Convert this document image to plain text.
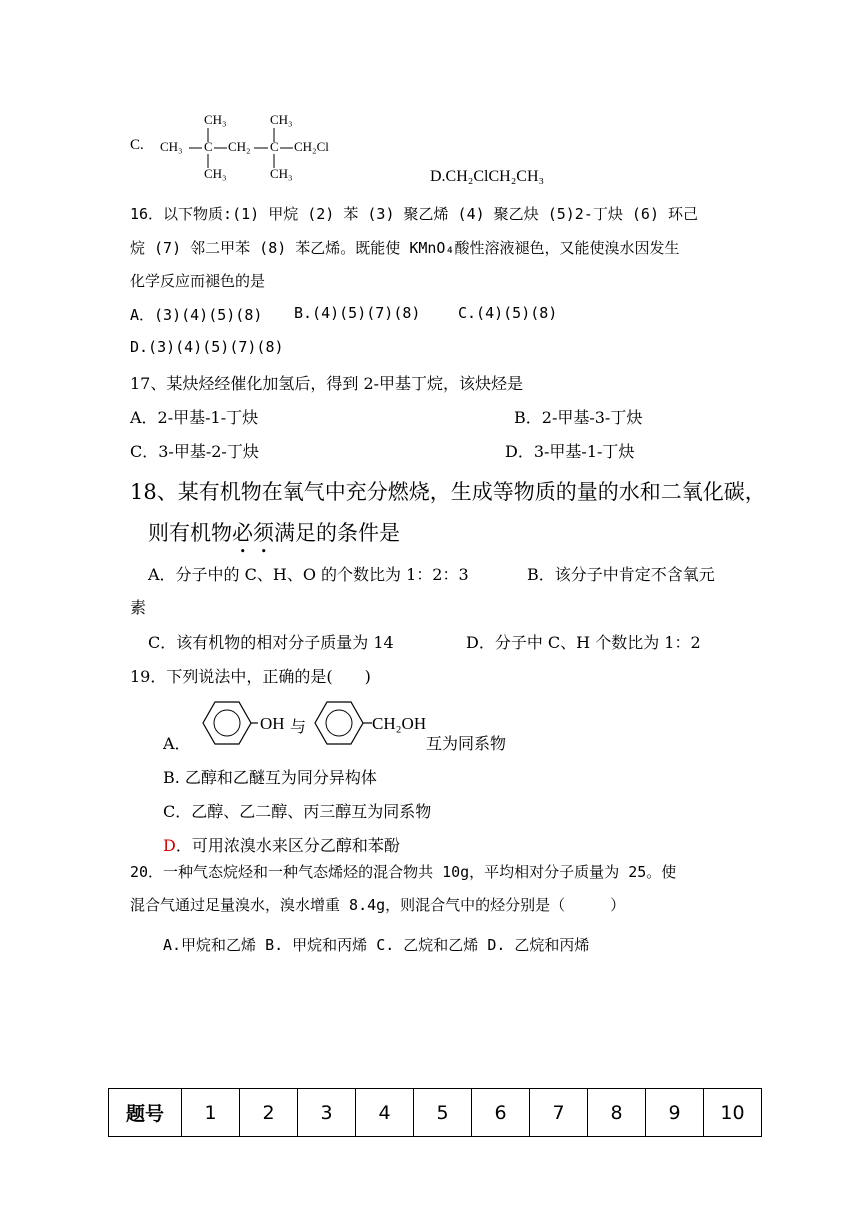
C.
CH₃	CH₃
CH₃ C CH₂ C CH₂Cl
CH₃	CH₃	D.CH₂ClCH₂CH₃
16．以下物质:(1) 甲烷 (2) 苯 (3) 聚乙烯 (4) 聚乙炔 (5)2-丁炔 (6) 环己
烷 (7) 邻二甲苯 (8) 苯乙烯。既能使 KMnO₄酸性溶液褪色，又能使溴水因发生
化学反应而褪色的是
A．(3)(4)(5)(8) B.(4)(5)(7)(8)	C.(4)(5)(8)
D.(3)(4)(5)(7)(8)
17、某炔烃经催化加氢后，得到 2-甲基丁烷，该炔烃是
A．2-甲基-1-丁炔	B．2-甲基-3-丁炔
C．3-甲基-2-丁炔	D．3-甲基-1-丁炔
18、某有机物在氧气中充分燃烧，生成等物质的量的水和二氧化碳，
则有机物必须满足的条件是
A．分子中的 C、H、O 的个数比为 1：2：3	B．该分子中肯定不含氧元
素
C．该有机物的相对分子质量为 14	D．分子中 C、H 个数比为 1：2
19．下列说法中，正确的是(　　)
A．
OH 与	CH₂OH
互为同系物
B. 乙醇和乙醚互为同分异构体
C．乙醇、乙二醇、丙三醇互为同系物
D．可用浓溴水来区分乙醇和苯酚
20．一种气态烷烃和一种气态烯烃的混合物共 10g，平均相对分子质量为 25。使
混合气通过足量溴水，溴水增重 8.4g，则混合气中的烃分别是（　　　）
A.甲烷和乙烯 B. 甲烷和丙烯 C. 乙烷和乙烯 D. 乙烷和丙烯
题号	1	2	3	4	5	6	7	8	9	10
